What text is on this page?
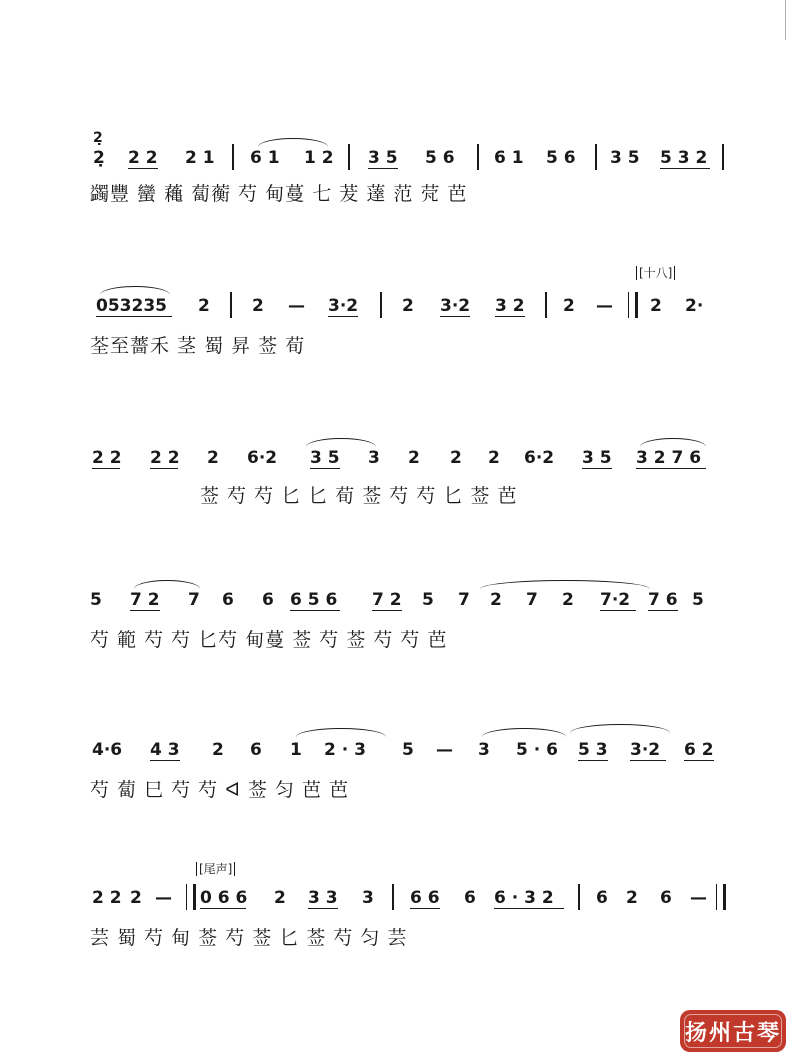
2̣
2̣ 2 2 2 1 6 1 1 2 3 5 5 6 6 1 5 6 3 5 5 3 2
蠲豐 蠻 蘒 蔔蘅 芍 甸蔓 七 茇 薘 范 䒮 芭
053235 2 2 — 3·2	2 3·2 3 2 2 —
[十八]
2 2·
荃至薔禾 茎 蜀 昇 莶 荀
2 2 2 2 2 6·2 3 5 3 2 2 2 6·2 3 5 3 2 7 6
莶 芍 芍 匕 匕 荀 莶 芍 芍 匕 莶 芭
5 7 2 7 6 6 6 5 6 7 2 5 7 2 7 2 7·2 7 6 5
芍 範 芍 芍 匕芍 甸蔓 莶 芍 莶 芍 芍 芭
4·6 4 3 2 6 1 2 · 3 5 — 3 5 · 6 5 3 3·2 6 2
芍 蔔 巳 芍 芍 ᐊ 莶 匀 芭 芭
2 2 2 —
[尾声]
0 6 6 2 3 3 3 6 6 6 6 · 3 2 6 2 6 —
芸 蜀 芍 甸 莶 芍 莶 匕 莶 芍 匀 芸
扬州古琴
